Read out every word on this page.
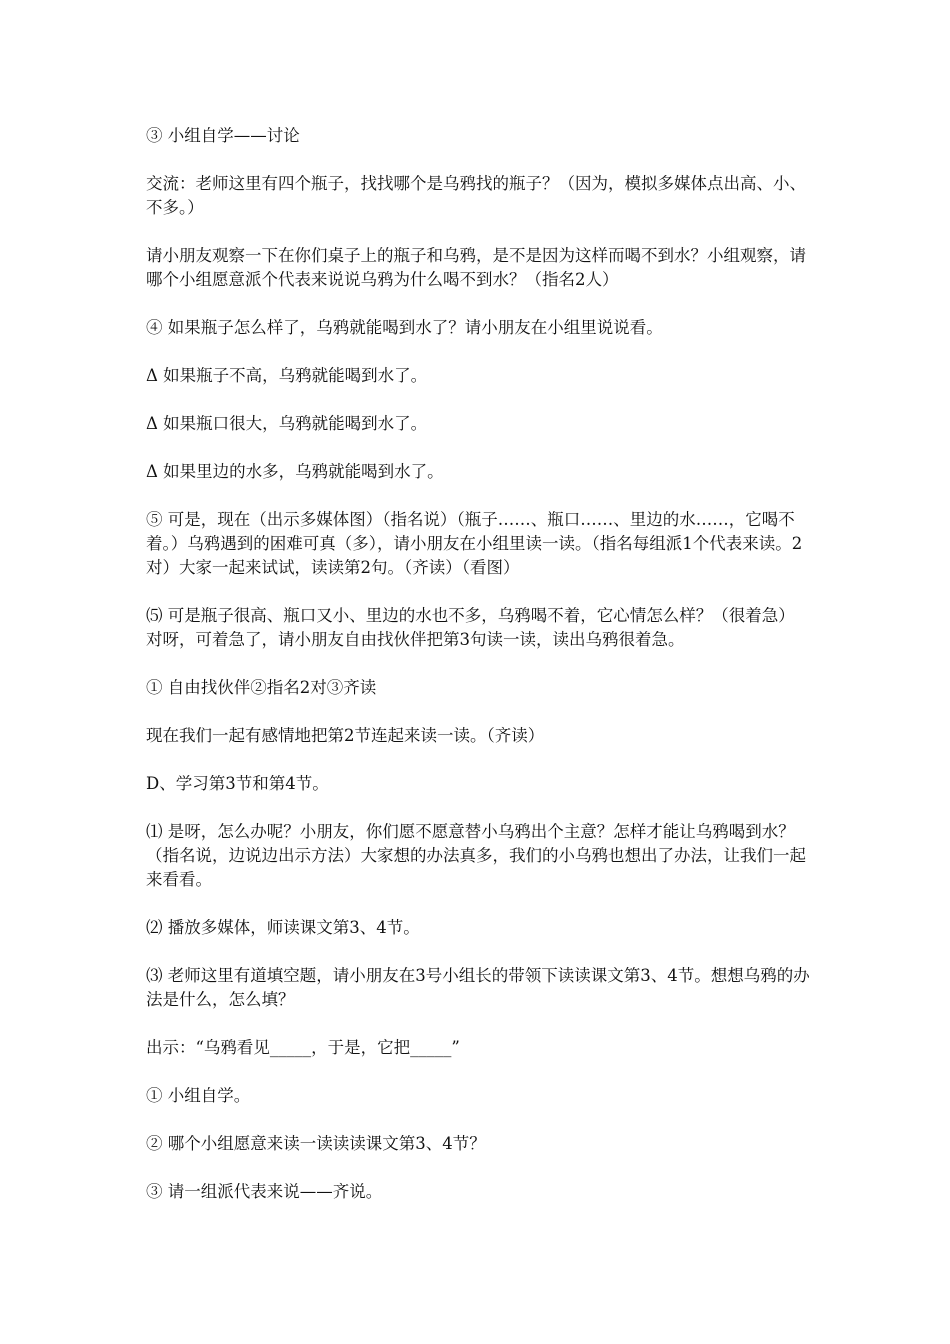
③ 小组自学——讨论

交流：老师这里有四个瓶子，找找哪个是乌鸦找的瓶子？（因为，模拟多媒体点出高、小、不多。）

请小朋友观察一下在你们桌子上的瓶子和乌鸦，是不是因为这样而喝不到水？小组观察，请哪个小组愿意派个代表来说说乌鸦为什么喝不到水？（指名2人）

④ 如果瓶子怎么样了，乌鸦就能喝到水了？请小朋友在小组里说说看。

Δ 如果瓶子不高，乌鸦就能喝到水了。

Δ 如果瓶口很大，乌鸦就能喝到水了。

Δ 如果里边的水多，乌鸦就能喝到水了。

⑤ 可是，现在（出示多媒体图）（指名说）（瓶子……、瓶口……、里边的水……，它喝不着。）乌鸦遇到的困难可真（多），请小朋友在小组里读一读。（指名每组派1个代表来读。2对）大家一起来试试，读读第2句。（齐读）（看图）

⑸ 可是瓶子很高、瓶口又小、里边的水也不多，乌鸦喝不着，它心情怎么样？（很着急）对呀，可着急了，请小朋友自由找伙伴把第3句读一读，读出乌鸦很着急。

① 自由找伙伴②指名2对③齐读

现在我们一起有感情地把第2节连起来读一读。（齐读）

D、学习第3节和第4节。

⑴ 是呀，怎么办呢？小朋友，你们愿不愿意替小乌鸦出个主意？怎样才能让乌鸦喝到水？（指名说，边说边出示方法）大家想的办法真多，我们的小乌鸦也想出了办法，让我们一起来看看。

⑵ 播放多媒体，师读课文第3、4节。

⑶ 老师这里有道填空题，请小朋友在3号小组长的带领下读读课文第3、4节。想想乌鸦的办法是什么，怎么填？

出示：“乌鸦看见_____，于是，它把_____”

① 小组自学。

② 哪个小组愿意来读一读读读课文第3、4节？

③ 请一组派代表来说——齐说。
